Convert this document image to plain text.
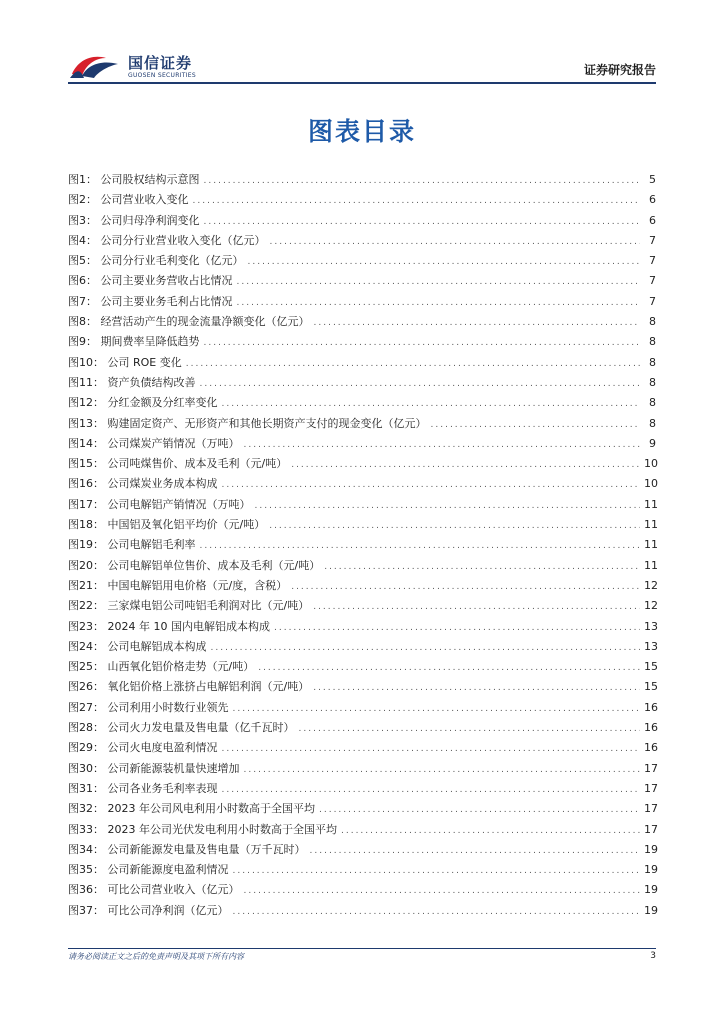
国信证券
GUOSEN SECURITIES	证券研究报告
图表目录
图1： 公司股权结构示意图 .....	5
图2： 公司营业收入变化 .....	6
图3： 公司归母净利润变化 .....	6
图4： 公司分行业营业收入变化（亿元） .....	7
图5： 公司分行业毛利变化（亿元） .....	7
图6： 公司主要业务营收占比情况 .....	7
图7： 公司主要业务毛利占比情况 .....	7
图8： 经营活动产生的现金流量净额变化（亿元） .....	8
图9： 期间费率呈降低趋势 .....	8
图10： 公司 ROE 变化 .....	8
图11： 资产负债结构改善 .....	8
图12： 分红金额及分红率变化 .....	8
图13： 购建固定资产、无形资产和其他长期资产支付的现金变化（亿元） .....	8
图14： 公司煤炭产销情况（万吨） .....	9
图15： 公司吨煤售价、成本及毛利（元/吨） .....	10
图16： 公司煤炭业务成本构成 .....	10
图17： 公司电解铝产销情况（万吨） .....	11
图18： 中国铝及氧化铝平均价（元/吨） .....	11
图19： 公司电解铝毛利率 .....	11
图20： 公司电解铝单位售价、成本及毛利（元/吨） .....	11
图21： 中国电解铝用电价格（元/度，含税） .....	12
图22： 三家煤电铝公司吨铝毛利润对比（元/吨） .....	12
图23： 2024 年 10 国内电解铝成本构成 .....	13
图24： 公司电解铝成本构成 .....	13
图25： 山西氧化铝价格走势（元/吨） .....	15
图26： 氧化铝价格上涨挤占电解铝利润（元/吨） .....	15
图27： 公司利用小时数行业领先 .....	16
图28： 公司火力发电量及售电量（亿千瓦时） .....	16
图29： 公司火电度电盈利情况 .....	16
图30： 公司新能源装机量快速增加 .....	17
图31： 公司各业务毛利率表现 .....	17
图32： 2023 年公司风电利用小时数高于全国平均 .....	17
图33： 2023 年公司光伏发电利用小时数高于全国平均 .....	17
图34： 公司新能源发电量及售电量（万千瓦时） .....	19
图35： 公司新能源度电盈利情况 .....	19
图36： 可比公司营业收入（亿元） .....	19
图37： 可比公司净利润（亿元） .....	19
请务必阅读正文之后的免责声明及其项下所有内容	3
